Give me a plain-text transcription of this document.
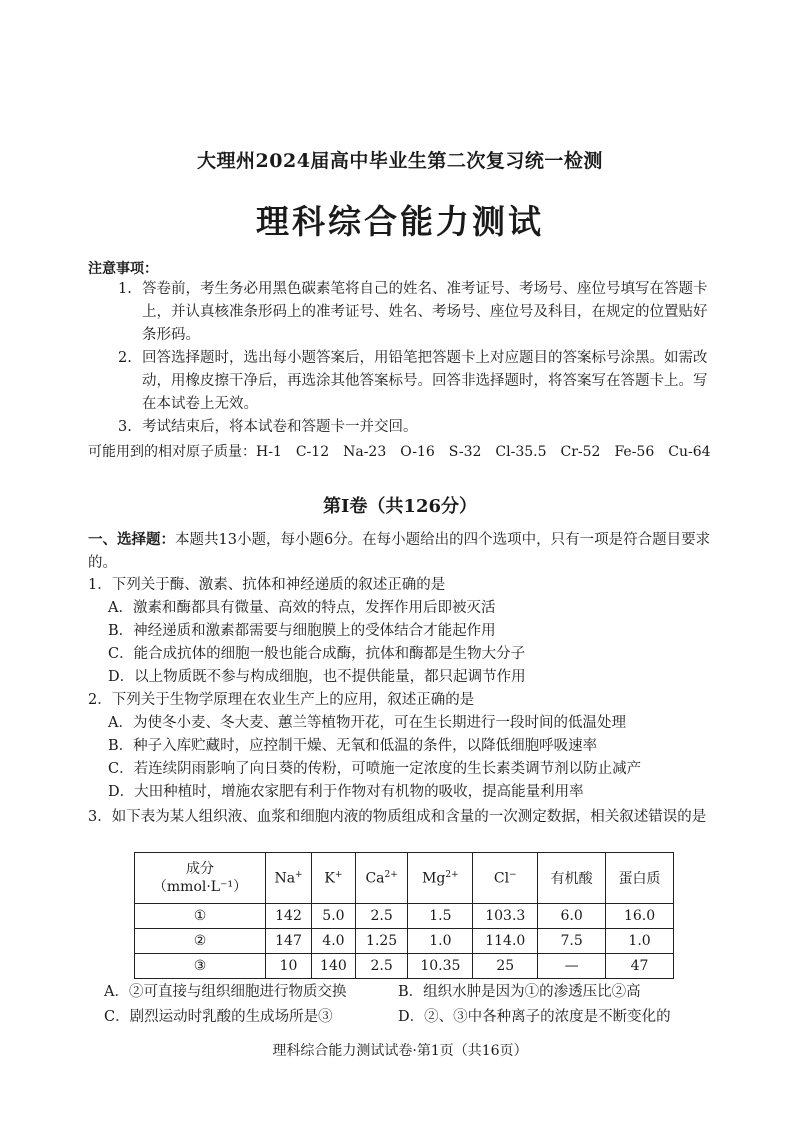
大理州2024届高中毕业生第二次复习统一检测
理科综合能力测试
注意事项：
1. 答卷前，考生务必用黑色碳素笔将自己的姓名、准考证号、考场号、座位号填写在答题卡上，并认真核准条形码上的准考证号、姓名、考场号、座位号及科目，在规定的位置贴好条形码。
2. 回答选择题时，选出每小题答案后，用铅笔把答题卡上对应题目的答案标号涂黑。如需改动，用橡皮擦干净后，再选涂其他答案标号。回答非选择题时，将答案写在答题卡上。写在本试卷上无效。
3. 考试结束后，将本试卷和答题卡一并交回。
可能用到的相对原子质量：H-1　C-12　Na-23　O-16　S-32　Cl-35.5　Cr-52　Fe-56　Cu-64
第Ⅰ卷（共126分）
一、选择题：本题共13小题，每小题6分。在每小题给出的四个选项中，只有一项是符合题目要求的。
1．下列关于酶、激素、抗体和神经递质的叙述正确的是
A．激素和酶都具有微量、高效的特点，发挥作用后即被灭活
B．神经递质和激素都需要与细胞膜上的受体结合才能起作用
C．能合成抗体的细胞一般也能合成酶，抗体和酶都是生物大分子
D．以上物质既不参与构成细胞，也不提供能量，都只起调节作用
2．下列关于生物学原理在农业生产上的应用，叙述正确的是
A．为使冬小麦、冬大麦、蕙兰等植物开花，可在生长期进行一段时间的低温处理
B．种子入库贮藏时，应控制干燥、无氧和低温的条件，以降低细胞呼吸速率
C．若连续阴雨影响了向日葵的传粉，可喷施一定浓度的生长素类调节剂以防止减产
D．大田种植时，增施农家肥有利于作物对有机物的吸收，提高能量利用率
3．如下表为某人组织液、血浆和细胞内液的物质组成和含量的一次测定数据，相关叙述错误的是
成分
（mmol·L⁻¹）	Na+	K+	$Ca^{2+}$	$Mg^{2+}$	Cl−	有机酸	蛋白质
①	142	5.0	2.5	1.5	103.3	6.0	16.0
②	147	4.0	1.25	1.0	114.0	7.5	1.0
③	10	140	2.5	10.35	25	—	47
A．②可直接与组织细胞进行物质交换	B．组织水肿是因为①的渗透压比②高
C．剧烈运动时乳酸的生成场所是③	D．②、③中各种离子的浓度是不断变化的
理科综合能力测试试卷·第1页（共16页）
